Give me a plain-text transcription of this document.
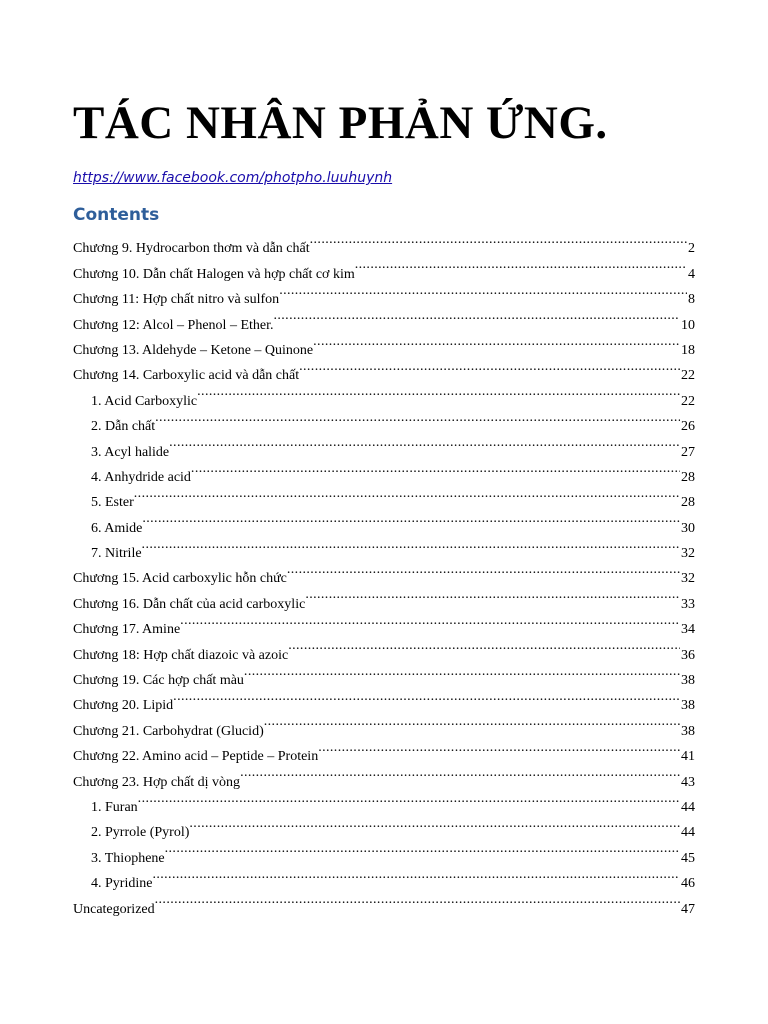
TÁC NHÂN PHẢN ỨNG.
https://www.facebook.com/photpho.luuhuynh
Contents
Chương 9. Hydrocarbon thơm và dẫn chất .....	2
Chương 10. Dẫn chất Halogen và hợp chất cơ kim .....	4
Chương 11: Hợp chất nitro và sulfon .....	8
Chương 12: Alcol – Phenol – Ether. .....	10
Chương 13. Aldehyde – Ketone – Quinone .....	18
Chương 14. Carboxylic acid và dẫn chất .....	22
1. Acid Carboxylic .....	22
2. Dẫn chất .....	26
3. Acyl halide .....	27
4. Anhydride acid .....	28
5. Ester .....	28
6. Amide .....	30
7. Nitrile .....	32
Chương 15. Acid carboxylic hỗn chức .....	32
Chương 16. Dẫn chất của acid carboxylic .....	33
Chương 17. Amine .....	34
Chương 18: Hợp chất diazoic và azoic .....	36
Chương 19. Các hợp chất màu .....	38
Chương 20. Lipid .....	38
Chương 21. Carbohydrat (Glucid) .....	38
Chương 22. Amino acid – Peptide – Protein .....	41
Chương 23. Hợp chất dị vòng .....	43
1. Furan .....	44
2. Pyrrole (Pyrol) .....	44
3. Thiophene .....	45
4. Pyridine .....	46
Uncategorized .....	47
